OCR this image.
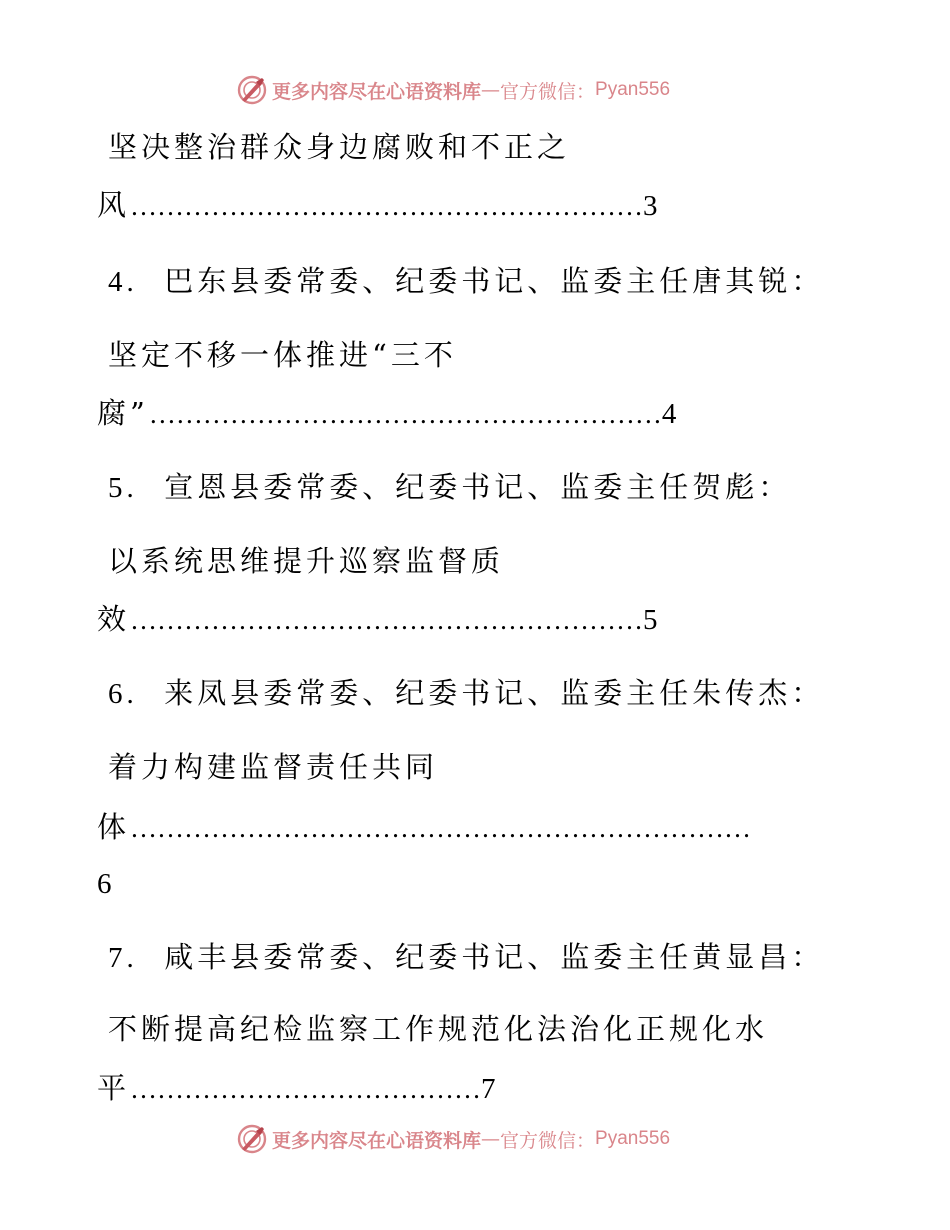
更多内容尽在心语资料库 — 官方微信： Pyan556
坚决整治群众身边腐败和不正之
风…………………………………………………3
4. 巴东县委常委、纪委书记、监委主任唐其锐：
坚定不移一体推进“三不
腐”…………………………………………………4
5. 宣恩县委常委、纪委书记、监委主任贺彪：
以系统思维提升巡察监督质
效…………………………………………………5
6. 来凤县委常委、纪委书记、监委主任朱传杰：
着力构建监督责任共同
体……………………………………………………………
6
7. 咸丰县委常委、纪委书记、监委主任黄显昌：
不断提高纪检监察工作规范化法治化正规化水
平…………………………………7
更多内容尽在心语资料库 — 官方微信： Pyan556
